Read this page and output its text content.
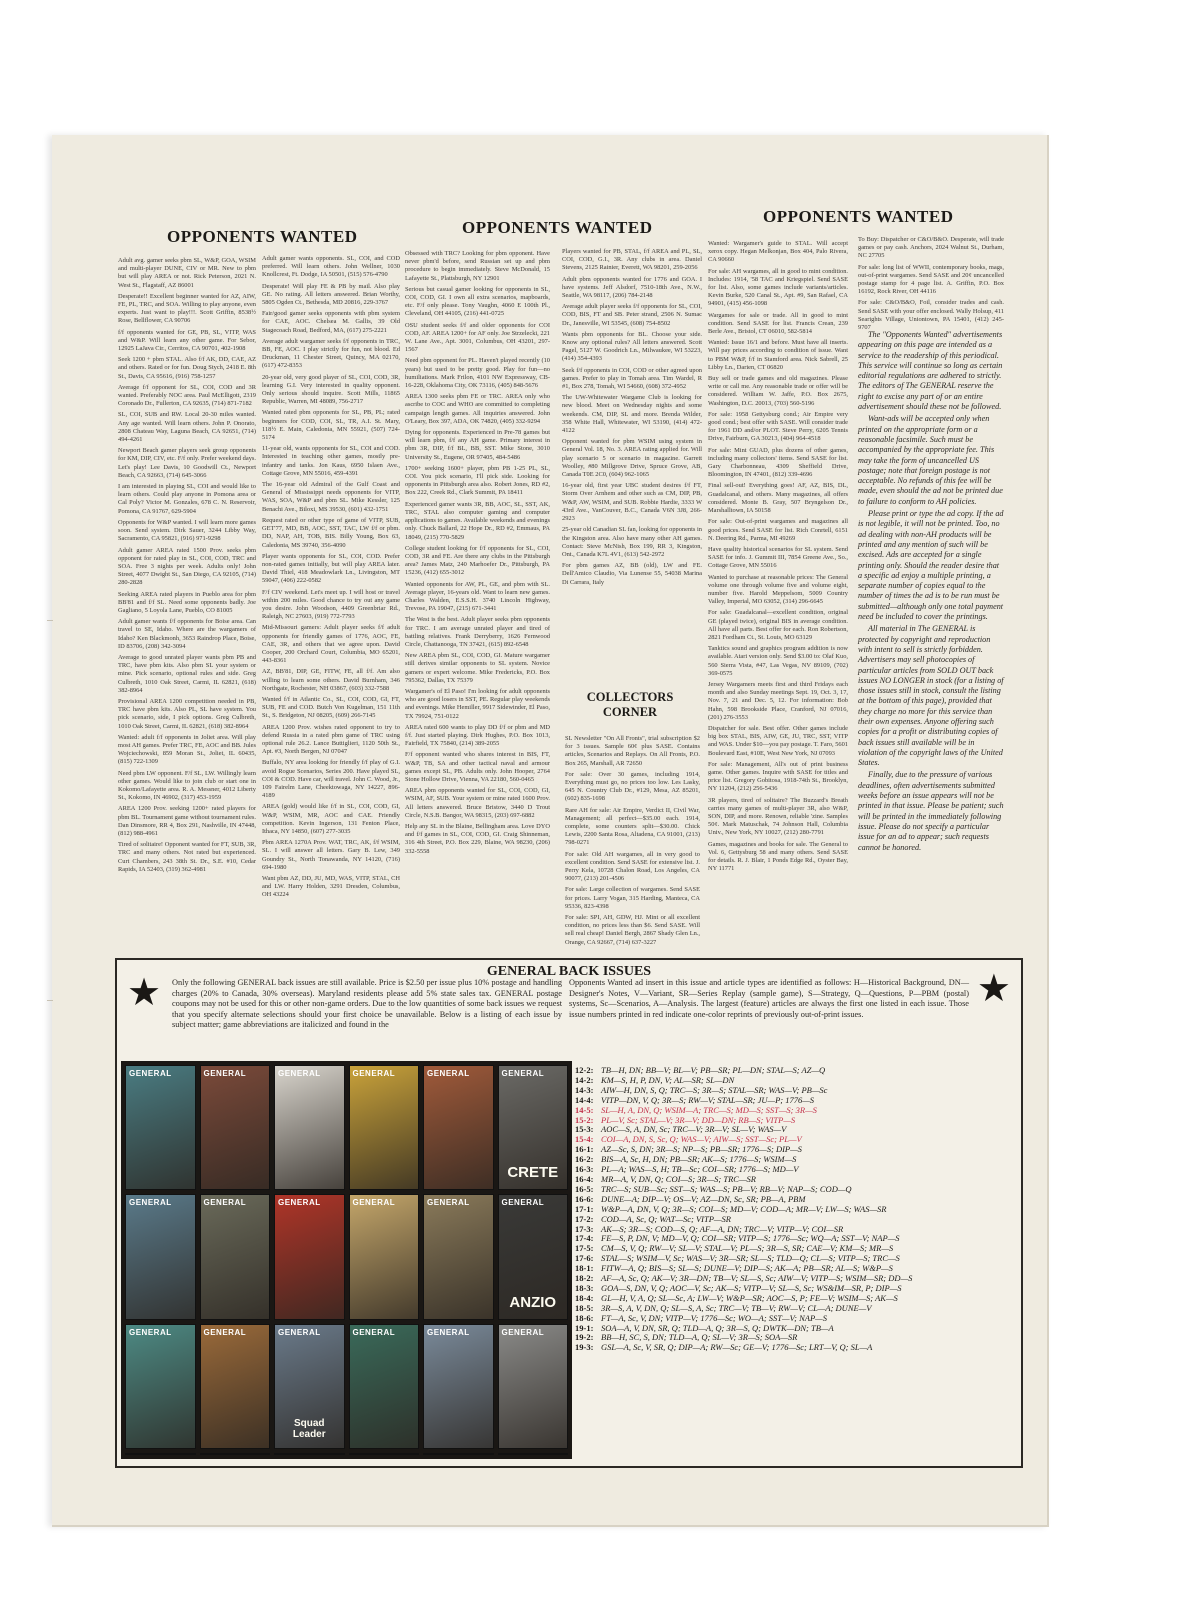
OPPONENTS WANTED	OPPONENTS WANTED
OPPONENTS WANTED

Adult avg. gamer seeks pbm SL, W&P, GOA, WSIM and multi-player DUNE, CIV or MR. New to pbm but will play AREA or not. Rick Peterson, 2021 N. West St., Flagstaff, AZ 86001

Desperate!! Excellent beginner wanted for AZ, AIW, FE, PL, TRC, and SOA. Willing to play anyone, even experts. Just want to play!!!. Scott Griffin, 8538½ Rose, Bellflower, CA 90706

f/f opponents wanted for GE, PB, SL, VITP, WAS and W&P. Will learn any other game. For Sebor, 12925 LaJava Cir., Cerritos, CA 90701, 402-1908

Seek 1200 + pbm STAL. Also f/f AK, DD, CAE, AZ and others. Rated or for fun. Doug Stych, 2418 E. 8th St., Davis, CA 95616, (916) 758-1257

Average f/f opponent for SL, COI, COD and 3R wanted. Preferably NOC area. Paul McElligott, 2319 Coronado Dr., Fullerton, CA 92635, (714) 871-7182

SL, COI, SUB and RW. Local 20-30 miles wanted. Any age wanted. Will learn others. John P. Onorato, 2808 Chateau Way, Laguna Beach, CA 92651, (714) 494-4261

Newport Beach gamer players seek group opponents for KM, DIP, CIV, etc. F/f only. Prefer weekend days. Let's play! Lee Davis, 10 Goodwill Ct., Newport Beach, CA 92663, (714) 645-3066

I am interested in playing SL, COI and would like to learn others. Could play anyone in Pomona area or Cal Poly? Victor M. Gonzales, 678 C. N. Reservoir, Pomona, CA 91767, 629-5904

Opponents for W&P wanted. I will learn more games soon. Send system. Dirk Sauer, 3244 Libby Way, Sacramento, CA 95821, (916) 971-9298

Adult gamer AREA rated 1500 Prov. seeks pbm opponent for rated play in SL, COI, COD, TRC and SOA. Free 3 nights per week. Adults only! John Street, 4077 Dwight St., San Diego, CA 92105, (714) 280-2828

Seeking AREA rated players in Pueblo area for pbm BB'81 and f/f SL. Need some opponents badly. Joe Gagliano, 5 Loyola Lane, Pueblo, CO 81005

Adult gamer wants f/f opponents for Boise area. Can travel to SE, Idaho. Where are the wargamers of Idaho? Ken Blackmonh, 3653 Raindrop Place, Boise, ID 83706, (208) 342-3094

Average to good unrated player wants pbm PB and TRC, have pbm kits. Also pbm SL your system or mine. Pick scenario, optional rules and side. Greg Culbreth, 1010 Oak Street, Carmi, IL 62821, (618) 382-8964

Provisional AREA 1200 competition needed in PB, TRC have pbm kits. Also PL, SL have system. You pick scenario, side, I pick options. Greg Culbreth, 1010 Oak Street, Carmi, IL 62821, (618) 382-8964

Wanted: adult f/f opponents in Joliet area. Will play most AH games. Prefer TRC, FE, AOC and BB. Jules Wojciechowski, 859 Moran St., Joliet, IL 60435, (815) 722-1309

Need pbm LW opponent. F/f SL, LW. Willingly learn other games. Would like to join club or start one in Kokomo/Lafayette area. R. A. Messner, 4012 Liberty St., Kokomo, IN 46902, (317) 453-1959

AREA 1200 Prov. seeking 1200+ rated players for pbm BL. Tournament game without tournament rules. Dan Dinsmore, RR 4, Box 291, Nashville, IN 47448, (812) 988-4961

Tired of solitaire! Opponent wanted for FT, SUB, 3R, TRC and many others. Not rated but experienced. Curt Chambers, 243 38th St. Dr., S.E. #10, Cedar Rapids, IA 52403, (319) 362-4981

Adult gamer wants opponents. SL, COI, and COD preferred. Will learn others. John Wellner, 1030 Knollcrest, Ft. Dodge, IA 50501, (515) 576-4790

Desperate! Will play FE & PB by mail. Also play GE. No rating. All letters answered. Brian Worthy, 5805 Ogden Ct., Bethesda, MD 20816, 229-3767

Fair/good gamer seeks opponents with pbm system for CAE, AOC. Chelsea M. Gallis, 39 Old Stagecoach Road, Bedford, MA, (617) 275-2221

Average adult wargamer seeks f/f opponents in TRC, BB, FE, AOC. I play strictly for fun, not blood. Ed Druckman, 11 Chester Street, Quincy, MA 02170, (617) 472-8353

20-year old, very good player of SL, COI, COD, 3R, learning G.I. Very interested in quality opponent. Only serious should inquire. Scott Mills, 11865 Republic, Warren, MI 48089, 756-2717

Wanted rated pbm opponents for SL, PB, PL; rated beginners for COD, COI, SL, TR, A.I. St. Mary, 118½ E. Main, Caledonia, MN 55921, (507) 724-5174

11-year old, wants opponents for SL, COI and COD. Interested in teaching other games, mostly pre-infantry and tanks. Jon Kaus, 6950 Islaen Ave., Cottage Grove, MN 55016, 459-4391

The 16-year old Admiral of the Gulf Coast and General of Mississippi needs opponents for VITP, WAS, SOA, W&P and pbm SL. Mike Kessler, 125 Benachi Ave., Biloxi, MS 39530, (601) 432-1751

Request rated or other type of game of VITP, SUB, GET'77, MD, BB, AOC, SST, TAC, LW f/f or pbm. DD, NAP, AH, TOB, BIS. Billy Young, Box 63, Caledonia, MS 39740, 356-4090

Player wants opponents for SL, COI, COD. Prefer non-rated games initially, but will play AREA later. David Thiel, 418 Meadowlark Ln., Livingston, MT 59047, (406) 222-0582

F/f CIV weekend. Let's meet up. I will host or travel within 200 miles. Good chance to try out any game you desire. John Woodson, 4409 Greenbriar Rd., Raleigh, NC 27603, (919) 772-7793

Mid-Missouri gamers: Adult player seeks f/f adult opponents for friendly games of 1776, AOC, FE, CAE, 3R, and others that we agree upon. David Cooper, 200 Orchard Court, Columbia, MO 65201, 443-8361

AZ, BB'81, DIP, GE, FITW, FE, all f/f. Am also willing to learn some others. David Burnham, 346 Northgate, Rochester, NH 03867, (603) 332-7588

Wanted f/f in Atlantic Co., SL, COI, COD, GI, FT, SUB, FE and COD. Butch Von Kugelman, 151 11th St., S. Bridgeton, NJ 08205, (609) 266-7145

AREA 1200 Prov. wishes rated opponent to try to defend Russia in a rated pbm game of TRC using optional rule 26.2. Lance Buttiglieri, 1120 50th St., Apt. #3, North Bergen, NJ 07047

Buffalo, NY area looking for friendly f/f play of G.I. avoid Rogue Scenarios, Series 200. Have played SL, COI & COD. Have car, will travel. John C. Wood, Jr., 109 Fairelm Lane, Cheektowaga, NY 14227, 896-4189

AREA (gold) would like f/f in SL, COI, COD, GI, W&P, WSIM, MR, AOC and CAE. Friendly competition. Kevin Ingerson, 131 Fenton Place, Ithaca, NY 14850, (607) 277-3035

Pbm AREA 1270A Prov. WAT, TRC, AK, f/f WSIM, SL. I will answer all letters. Gary B. Lew, 349 Goundry St., North Tonawanda, NY 14120, (716) 694-1980

Want pbm AZ, DD, JU, MD, WAS, VITP, STAL, CH and LW. Harry Holden, 3291 Dresden, Columbus, OH 43224

Obsessed with TRC? Looking for pbm opponent. Have never pbm'd before, send Russian set up and pbm procedure to begin immediately. Steve McDonald, 15 Lafayette St., Plattsburgh, NY 12901

Serious but casual gamer looking for opponents in SL, COI, COD, GI. I own all extra scenarios, mapboards, etc. F/f only please. Tony Vaughn, 4060 E 100th Pl., Cleveland, OH 44105, (216) 441-0725

OSU student seeks f/f and older opponents for COI COD, AF. AREA 1200+ for AF only. Joe Strzelecki, 221 W. Lane Ave., Apt. 3001, Columbus, OH 43201, 297-1567

Need pbm opponent for PL. Haven't played recently (10 years) but used to be pretty good. Play for fun—no humiliations. Mark Frilon, 4101 NW Expressway, CB-16-228, Oklahoma City, OK 73116, (405) 848-5676

AREA 1300 seeks pbm FE or TRC. AREA only who ascribe to COC and WHO are committed to completing campaign length games. All inquiries answered. John O'Leary, Box 397, ADA, OK 74820, (405) 332-9294

Dying for opponents. Experienced in Pre-78 games but will learn pbm, f/f any AH game. Primary interest in pbm 3R, DIP, f/f BL, BB, SST. Mike Stone, 3010 University St., Eugene, OR 97405, 484-5486

1700+ seeking 1600+ player, pbm PB 1-25 PL, SL, COI. You pick scenario, I'll pick side. Looking for opponents in Pittsburgh area also. Robert Jones, RD #2, Box 222, Creek Rd., Clark Summit, PA 18411

Experienced gamer wants 3R, BB, AOC, SL, SST, AK, TRC, STAL also computer gaming and computer applications to games. Available weekends and evenings only. Chuck Ballard, 22 Hope Dr., RD #2, Emmaus, PA 18049, (215) 770-5829

College student looking for f/f opponents for SL, COI, COD, 3R and FE. Are there any clubs in the Pittsburgh area? James Matz, 240 Marhoefer Dr., Pittsburgh, PA 15236, (412) 655-3012

Wanted opponents for AW, PL, GE, and pbm with SL. Average player, 16-years old. Want to learn new games. Charles Walden, E.S.S.H. 3740 Lincoln Highway, Trevose, PA 19047, (215) 671-3441

The West is the best. Adult player seeks pbm opponents for TRC. I am average unrated player and tired of battling relatives. Frank Derryberry, 1626 Fernwood Circle, Chattanooga, TN 37421, (615) 892-6548

New AREA pbm SL, COI, COD, GI. Mature wargamer still derives similar opponents to SL system. Novice gamers or expert welcome. Mike Fredericks, P.O. Box 795362, Dallas, TX 75379

Wargamer's of El Paso! I'm looking for adult opponents who are good losers in SST, PE. Regular play weekends and evenings. Mike Hemiller, 9917 Sidewinder, El Paso, TX 79924, 751-0122

AREA rated 600 wants to play DD f/f or pbm and MD f/f. Just started playing. Dirk Hughes, P.O. Box 1013, Fairfield, TX 75840, (214) 389-2055

F/f opponent wanted who shares interest in BIS, FT, W&P, TB, SA and other tactical naval and armour games except SL, PB. Adults only. John Hooper, 2764 Stone Hollow Drive, Vienna, VA 22180, 560-0465

AREA pbm opponents wanted for SL, COI, COD, GI, WSIM, AF, SUB. Your system or mine rated 1600 Prov. All letters answered. Bruce Bristow, 3440 D Trout Circle, N.S.B. Bangor, WA 98315, (203) 697-6882

Help any SL in the Blaine, Bellingham area. Love DYO and f/f games in SL, COI, COD, GI. Craig Shinneman, 316 4th Street, P.O. Box 229, Blaine, WA 98230, (206) 332-5558

Players wanted for PB, STAL, f/f AREA and PL, SL, COI, COD, G.I., 3R. Any clubs in area. Daniel Stevens, 2125 Rainier, Everett, WA 98201, 259-2056

Adult pbm opponents wanted for 1776 and GOA. I have systems. Jeff Alsdorf, 7510-18th Ave., N.W., Seattle, WA 98117, (206) 784-2148

Average adult player seeks f/f opponents for SL, COI, COD, BIS, FT and SB. Peter strand, 2506 N. Sumac Dr., Janesville, WI 53545, (608) 754-8502

Wants pbm opponents for BL. Choose your side. Know any optional rules? All letters answered. Scott Pagel, 5127 W. Goodrich Ln., Milwaukee, WI 53223, (414) 354-4393

Seek f/f opponents in COI, COD or other agreed upon games. Prefer to play in Tomah area. Tim Wardel, R #1, Box 278, Tomah, WI 54660, (608) 372-4952

The UW-Whitewater Wargame Club is looking for new blood. Meet on Wednesday nights and some weekends. CM, DIP, SL and more. Brenda Wilder, 358 White Hall, Whitewater, WI 53190, (414) 472-4122

Opponent wanted for pbm WSIM using system in General Vol. 18, No. 3. AREA rating applied for. Will play scenario 5 or scenario in magazine. Garrett Woolley, #80 Millgrove Drive, Spruce Grove, AB, Canada T0E 2C0, (604) 962-1065

16-year old, first year UBC student desires f/f FT, Storm Over Arnhem and other such as CM, DIP, PB, W&P, AW, WSIM, and SUB. Robbie Hardie, 3333 W 43rd Ave., VanCouver, B.C., Canada V6N 3J8, 266-2923

25-year old Canadian SL fan, looking for opponents in the Kingston area. Also have many other AH games. Contact: Steve McNish, Box 199, RR 3, Kingston, Ont., Canada K7L 4V1, (613) 542-2972

For pbm games AZ, BB (old), LW and FE. Dell'Amico Claudio, Via Lunense 55, 54038 Marina Di Carrara, Italy

COLLECTORS CORNER

SL Newsletter "On All Fronts", trial subscription $2 for 3 issues. Sample 60¢ plus SASE. Contains articles, Scenarios and Replays. On All Fronts, P.O. Box 265, Marshall, AR 72650

For sale: Over 30 games, including 1914, Everything must go, no prices too low. Les Lasky, 645 N. Country Club Dr., #129, Mesa, AZ 85201, (602) 835-1698

Rare AH for sale: Air Empire, Verdict II, Civil War, Management; all perfect—$35.00 each. 1914, complete, some counters split—$30.00. Chick Lewis, 2200 Santa Rosa, Altadena, CA 91001, (213) 798-0271

For sale: Old AH wargames, all in very good to excellent condition. Send SASE for extensive list. J. Perry Kela, 10728 Chalon Road, Los Angeles, CA 90077, (213) 201-4506

For sale: Large collection of wargames. Send SASE for prices. Larry Vogan, 315 Harding, Manteca, CA 95336, 823-4398

For sale: SPI, AH, GDW, HJ. Mint or all excellent condition, no prices less than $6. Send SASE. Will sell real cheap! Daniel Bergh, 2867 Shady Glen Ln., Orange, CA 92667, (714) 637-3227

Wanted: Wargamer's guide to STAL. Will accept xerox copy. Hegan Melkonjan, Box 404, Palo Rivera, CA 90660

For sale: AH wargames, all in good to mint condition. Includes: 1914, '58 TAC and Kriegspiel. Send SASE for list. Also, some games include variants/articles. Kevin Burke, 520 Canal St., Apt. #9, San Rafael, CA 94901, (415) 456-1098

Wargames for sale or trade. All in good to mint condition. Send SASE for list. Francis Crean, 239 Berle Ave., Bristol, CT 06010, 582-5814

Wanted: Issue 16/1 and before. Must have all inserts. Will pay prices according to condition of issue. Want to PBM W&P, f/f in Stamford area. Nick Sabrell, 25 Libby Ln., Darien, CT 06820

Buy sell or trade games and old magazines. Please write or call me. Any reasonable trade or offer will be considered. William W. Jaffe, P.O. Box 2675, Washington, D.C. 20013, (703) 560-5196

For sale: 1958 Gettysburg cond.; Air Empire very good cond.; best offer with SASE. Will consider trade for 1961 DD and/or PLOT. Steve Perry, 6205 Tennis Drive, Fairburn, GA 30213, (404) 964-4518

For sale: Mint GUAD, plus dozens of other games, including many collectors' items. Send SASE for list. Gary Charbonneau, 4309 Sheffield Drive, Bloomington, IN 47401, (812) 339-4696

Final sell-out! Everything goes! AF, AZ, BIS, DL, Guadalcanal, and others. Many magazines, all offers considered. Monte B. Gray, 507 Bryngelson Dr., Marshalltown, IA 50158

For sale: Out-of-print wargames and magazines all good prices. Send SASE for list. Rich Conrtell, 6151 N. Deering Rd., Parma, MI 49269

Have quality historical scenarios for SL system. Send SASE for info. J. Gummit III, 7854 Greene Ave., So., Cottage Grove, MN 55016

Wanted to purchase at reasonable prices: The General volume one through volume five and volume eight, number five. Harold Meppelsom, 5009 Country Valley, Imperial, MO 63052, (314) 296-6645

For sale: Guadalcanal—excellent condition, original GE (played twice), original BIS in average condition. All have all parts. Best offer for each. Ron Robertson, 2821 Fordham Ct., St. Louis, MO 63129

Tanktics sound and graphics program addition is now available. Atari version only. Send $3.00 to: Olaf Kuo, 560 Sierra Vista, #47, Las Vegas, NV 89109, (702) 369-0575

Jersey Wargamers meets first and third Fridays each month and also Sunday meetings Sept. 19, Oct. 3, 17, Nov. 7, 21 and Dec. 5, 12. For information: Bob Hahn, 598 Brookside Place, Cranford, NJ 07016, (201) 276-3553

Dispatcher for sale. Best offer. Other games include big box STAL, BIS, AIW, GE, JU, TRC, SST, VITP and WAS. Under $10—you pay postage. T. Faro, 5601 Boulevard East, #10E, West New York, NJ 07093

For sale: Management, All's out of print business game. Other games. Inquire with SASE for titles and price list. Gregory Gobitosa, 1918-74th St., Brooklyn, NY 11204, (212) 256-5436

3R players, tired of solitaire? The Buzzard's Breath carries many games of multi-player 3R, also W&P, SON, DIP, and more. Renown, reliable 'zine. Samples 50¢. Mark Matuschak, 74 Johnson Hall, Columbia Univ., New York, NY 10027, (212) 280-7791

Games, magazines and books for sale. The General to Vol. 6, Gettysburg 58 and many others. Send SASE for details. R. J. Blair, 1 Ponds Edge Rd., Oyster Bay, NY 11771

To Buy: Dispatcher or C&O/B&O. Desperate, will trade games or pay cash. Anchors, 2024 Walnut St., Durham, NC 27705

For sale: long list of WWII, contemporary books, mags, out-of-print wargames. Send SASE and 20¢ uncancelled postage stamp for 4 page list. A. Griffin, P.O. Box 16192, Rock River, OH 44116

For sale: C&O/B&O, Foil, consider trades and cash. Send SASE with your offer enclosed. Wally Holsup, 411 Searights Village, Uniontown, PA 15401, (412) 245-9707

The "Opponents Wanted" advertisements appearing on this page are intended as a service to the readership of this periodical. This service will continue so long as certain editorial regulations are adhered to strictly. The editors of The GENERAL reserve the right to excise any part of or an entire advertisement should these not be followed.

Want-ads will be accepted only when printed on the appropriate form or a reasonable facsimile. Such must be accompanied by the appropriate fee. This may take the form of uncancelled US postage; note that foreign postage is not acceptable. No refunds of this fee will be made, even should the ad not be printed due to failure to conform to AH policies.

Please print or type the ad copy. If the ad is not legible, it will not be printed. Too, no ad dealing with non-AH products will be printed and any mention of such will be excised. Ads are accepted for a single printing only. Should the reader desire that a specific ad enjoy a multiple printing, a separate number of copies equal to the number of times the ad is to be run must be submitted—although only one total payment need be included to cover the printings.

All material in The GENERAL is protected by copyright and reproduction with intent to sell is strictly forbidden. Advertisers may sell photocopies of particular articles from SOLD OUT back issues NO LONGER in stock (for a listing of those issues still in stock, consult the listing at the bottom of this page), provided that they charge no more for this service than their own expenses. Anyone offering such copies for a profit or distributing copies of back issues still available will be in violation of the copyright laws of the United States.

Finally, due to the pressure of various deadlines, often advertisements submitted weeks before an issue appears will not be printed in that issue. Please be patient; such will be printed in the immediately following issue. Please do not specify a particular issue for an ad to appear; such requests cannot be honored.

GENERAL BACK ISSUES
★	★
Only the following GENERAL back issues are still available. Price is $2.50 per issue plus 10% postage and handling charges (20% to Canada, 30% overseas). Maryland residents please add 5% state sales tax. GENERAL postage coupons may not be used for this or other non-game orders. Due to the low quantities of some back issues we request that you specify alternate selections should your first choice be unavailable. Below is a listing of each issue by subject matter; game abbreviations are italicized and found in the
Opponents Wanted ad insert in this issue and article types are identified as follows: H—Historical Background, DN—Designer's Notes, V—Variant, SR—Series Replay (sample game), S—Strategy, Q—Questions, P—PBM (postal) systems, Sc—Scenarios, A—Analysis. The largest (feature) articles are always the first one listed in each issue. Those issue numbers printed in red indicate one-color reprints of previously out-of-print issues.
GENERAL	GENERAL	GENERAL	GENERAL	GENERAL	GENERAL
CRETE
GENERAL	GENERAL	GENERAL	GENERAL	GENERAL	GENERAL
ANZIO
GENERAL	GENERAL	GENERAL
Squad Leader
GENERAL	GENERAL	GENERAL
12-2: TB—H, DN; BB—V; BL—V; PB—SR; PL—DN; STAL—S; AZ—Q
14-2: KM—S, H, P, DN, V; AL—SR; SL—DN
14-3: AIW—H, DN, S, Q; TRC—S; 3R—S; STAL—SR; WAS—V; PB—Sc
14-4: VITP—DN, V, Q; 3R—S; RW—V; STAL—SR; JU—P; 1776—S
14-5: SL—H, A, DN, Q; WSIM—A; TRC—S; MD—S; SST—S; 3R—S
15-2: PL—V, Sc; STAL—V; 3R—V; DD—DN; RB—S; VITP—S
15-3: AOC—S, A, DN, Sc; TRC—V; 3R—V; SL—V; WAS—V
15-4: COI—A, DN, S, Sc, Q; WAS—V; AIW—S; SST—Sc; PL—V
16-1: AZ—Sc, S, DN; 3R—S; NP—S; PB—SR; 1776—S; DIP—S
16-2: BIS—A, Sc, H, DN; PB—SR; AK—S; 1776—S; WSIM—S
16-3: PL—A; WAS—S, H; TB—Sc; COI—SR; 1776—S; MD—V
16-4: MR—A, V, DN, Q; COI—S; 3R—S; TRC—SR
16-5: TRC—S; SUB—Sc; SST—S; WAS—S; PB—V; RB—V; NAP—S; COD—Q
16-6: DUNE—A; DIP—V; OS—V; AZ—DN, Sc, SR; PB—A, PBM
17-1: W&P—A, DN, V, Q; 3R—S; COI—S; MD—V; COD—A; MR—V; LW—S; WAS—SR
17-2: COD—A, Sc, Q; WAT—Sc; VITP—SR
17-3: AK—S; 3R—S; COD—S, Q; AF—A, DN; TRC—V; VITP—V; COI—SR
17-4: FE—S, P, DN, V; MD—V, Q; COI—SR; VITP—S; 1776—Sc; WQ—A; SST—V; NAP—S
17-5: CM—S, V, Q; RW—V; SL—V; STAL—V; PL—S; 3R—S, SR; CAE—V; KM—S; MR—S
17-6: STAL—S; WSIM—V, Sc; WAS—V; 3R—SR; SL—S; TLD—Q; CL—S; VITP—S; TRC—S
18-1: FITW—A, Q; BIS—S; SL—S; DUNE—V; DIP—S; AK—A; PB—SR; AL—S; W&P—S
18-2: AF—A, Sc, Q; AK—V; 3R—DN; TB—V; SL—S, Sc; AIW—V; VITP—S; WSIM—SR; DD—S
18-3: GOA—S, DN, V, Q; AOC—V, Sc; AK—S; VITP—V; SL—S, Sc; WS&IM—SR, P; DIP—S
18-4: GL—H, V, A, Q; SL—Sc, A; LW—V; W&P—SR; AOC—S, P; FE—V; WSIM—S; AK—S
18-5: 3R—S, A, V, DN, Q; SL—S, A, Sc; TRC—V; TB—V; RW—V; CL—A; DUNE—V
18-6: FT—A, Sc, V, DN; VITP—V; 1776—Sc; WO—A; SST—V; NAP—S
19-1: SOA—A, V, DN, SR, Q; TLD—A, Q; 3R—S, Q; DWTK—DN; TB—A
19-2: BB—H, SC, S, DN; TLD—A, Q; SL—V; 3R—S; SOA—SR
19-3: GSL—A, Sc, V, SR, Q; DIP—A; RW—Sc; GE—V; 1776—Sc; LRT—V, Q; SL—A
